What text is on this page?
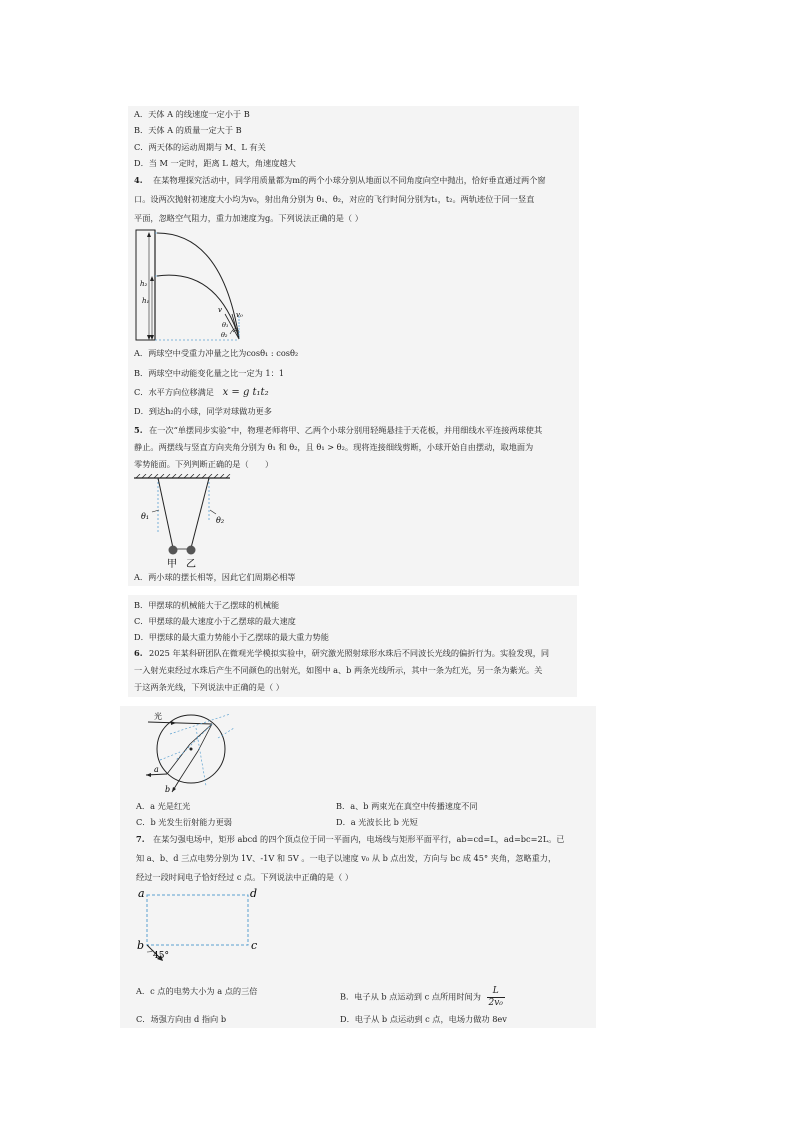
A．天体 A 的线速度一定小于 B
B．天体 A 的质量一定大于 B
C．两天体的运动周期与 M、L 有关
D．当 M 一定时，距离 L 越大，角速度越大
4. 在某物理探究活动中，同学用质量都为m的两个小球分别从地面以不同角度向空中抛出，恰好垂直通过两个窗
口。设两次抛射初速度大小均为v₀，射出角分别为 θ₁、θ₂，对应的飞行时间分别为t₁，t₂。两轨迹位于同一竖直
平面，忽略空气阻力，重力加速度为g。下列说法正确的是（ ）
h₂
h₁
v₀
v
θ₁
θ₂
A．两球空中受重力冲量之比为cosθ₁ : cosθ₂
B．两球空中动能变化量之比一定为 1：1
C．水平方向位移满足 x = g t₁t₂
D．到达h₂的小球，同学对球做功更多
5. 在一次“单摆同步实验”中，物理老师将甲、乙两个小球分别用轻绳悬挂于天花板，并用细线水平连接两球使其
静止。两摆线与竖直方向夹角分别为 θ₁ 和 θ₂，且 θ₁ > θ₂。现将连接细线剪断，小球开始自由摆动，取地面为
零势能面。下列判断正确的是（　　）
θ₁	θ₂
甲 乙
A．两小球的摆长相等，因此它们周期必相等
B．甲摆球的机械能大于乙摆球的机械能
C．甲摆球的最大速度小于乙摆球的最大速度
D．甲摆球的最大重力势能小于乙摆球的最大重力势能
6. 2025 年某科研团队在微观光学模拟实验中，研究激光照射球形水珠后不同波长光线的偏折行为。实验发现，同
一入射光束经过水珠后产生不同颜色的出射光，如图中 a、b 两条光线所示，其中一条为红光，另一条为紫光。关
于这两条光线，下列说法中正确的是（ ）
光
a
b
A．a 光是红光	B．a、b 两束光在真空中传播速度不同
C．b 光发生衍射能力更弱	D．a 光波长比 b 光短
7. 在某匀强电场中，矩形 abcd 的四个顶点位于同一平面内，电场线与矩形平面平行，ab=cd=L，ad=bc=2L。已
知 a、b、d 三点电势分别为 1V、-1V 和 5V 。一电子以速度 v₀ 从 b 点出发，方向与 bc 成 45° 夹角，忽略重力，
经过一段时间电子恰好经过 c 点。下列说法中正确的是（ ）
a	d
b	c
45°
A．c 点的电势大小为 a 点的三倍
B．电子从 b 点运动到 c 点所用时间为 $\frac{L}{\text{2v₀}}$
C．场强方向由 d 指向 b	D．电子从 b 点运动到 c 点，电场力做功 8ev
